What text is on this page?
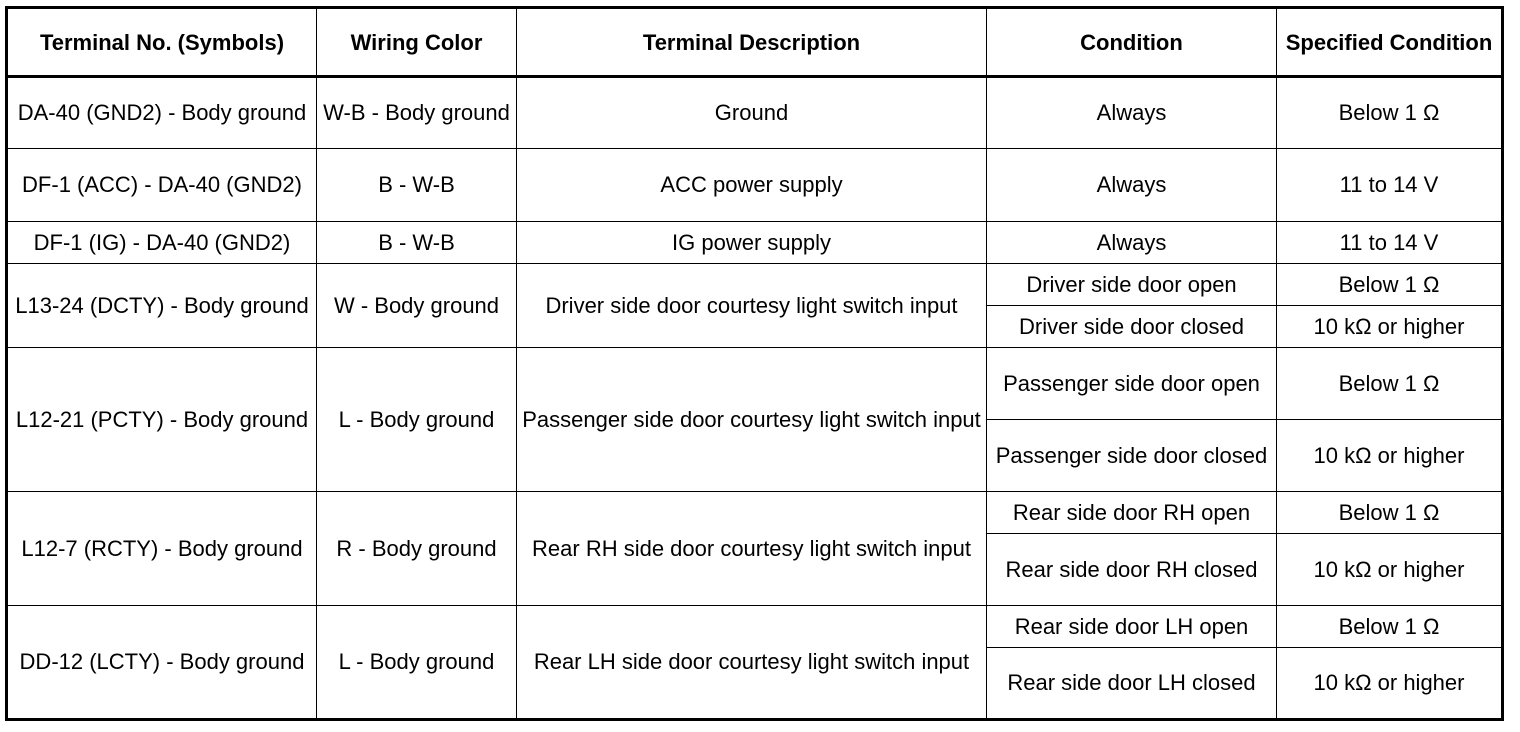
Terminal No. (Symbols)	Wiring Color	Terminal Description	Condition	Specified Condition
DA-40 (GND2) - Body ground	W-B - Body ground	Ground	Always	Below 1 Ω
DF-1 (ACC) - DA-40 (GND2)	B - W-B	ACC power supply	Always	11 to 14 V
DF-1 (IG) - DA-40 (GND2)	B - W-B	IG power supply	Always	11 to 14 V
L13-24 (DCTY) - Body ground	W - Body ground	Driver side door courtesy light switch input	Driver side door open	Below 1 Ω
			Driver side door closed	10 kΩ or higher
L12-21 (PCTY) - Body ground	L - Body ground	Passenger side door courtesy light switch input	Passenger side door open	Below 1 Ω
			Passenger side door closed	10 kΩ or higher
L12-7 (RCTY) - Body ground	R - Body ground	Rear RH side door courtesy light switch input	Rear side door RH open	Below 1 Ω
			Rear side door RH closed	10 kΩ or higher
DD-12 (LCTY) - Body ground	L - Body ground	Rear LH side door courtesy light switch input	Rear side door LH open	Below 1 Ω
			Rear side door LH closed	10 kΩ or higher
